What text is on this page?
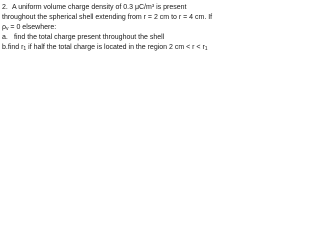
2. A uniform volume charge density of 0.3 μC/m³ is present
throughout the spherical shell extending from r = 2 cm to r = 4 cm. If
$\rho_v = 0$ elsewhere:
a. find the total charge present throughout the shell
b. find $r_1$ if half the total charge is located in the region 2 cm < $r < r_1$
